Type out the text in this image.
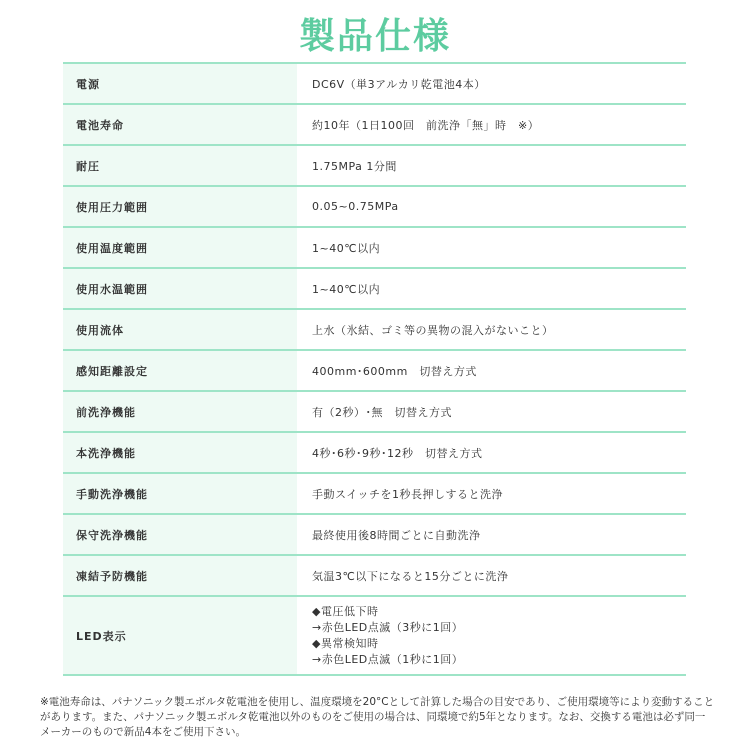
製品仕様
電源	DC6V（単3アルカリ乾電池4本）
電池寿命	約10年（1日100回　前洗浄「無」時　※）
耐圧	1.75MPa 1分間
使用圧力範囲	0.05~0.75MPa
使用温度範囲	1~40℃以内
使用水温範囲	1~40℃以内
使用流体	上水（氷結、ゴミ等の異物の混入がないこと）
感知距離設定	400mm･600mm　切替え方式
前洗浄機能	有（2秒）･無　切替え方式
本洗浄機能	4秒･6秒･9秒･12秒　切替え方式
手動洗浄機能	手動スイッチを1秒長押しすると洗浄
保守洗浄機能	最終使用後8時間ごとに自動洗浄
凍結予防機能	気温3℃以下になると15分ごとに洗浄
LED表示	◆電圧低下時
→赤色LED点滅（3秒に1回）
◆異常検知時
→赤色LED点滅（1秒に1回）
※電池寿命は、パナソニック製エボルタ乾電池を使用し、温度環境を20°Cとして計算した場合の目安であり、ご使用環境等により変動することがあります。また、パナソニック製エボルタ乾電池以外のものをご使用の場合は、同環境で約5年となります。なお、交換する電池は必ず同一メーカーのもので新品4本をご使用下さい。
